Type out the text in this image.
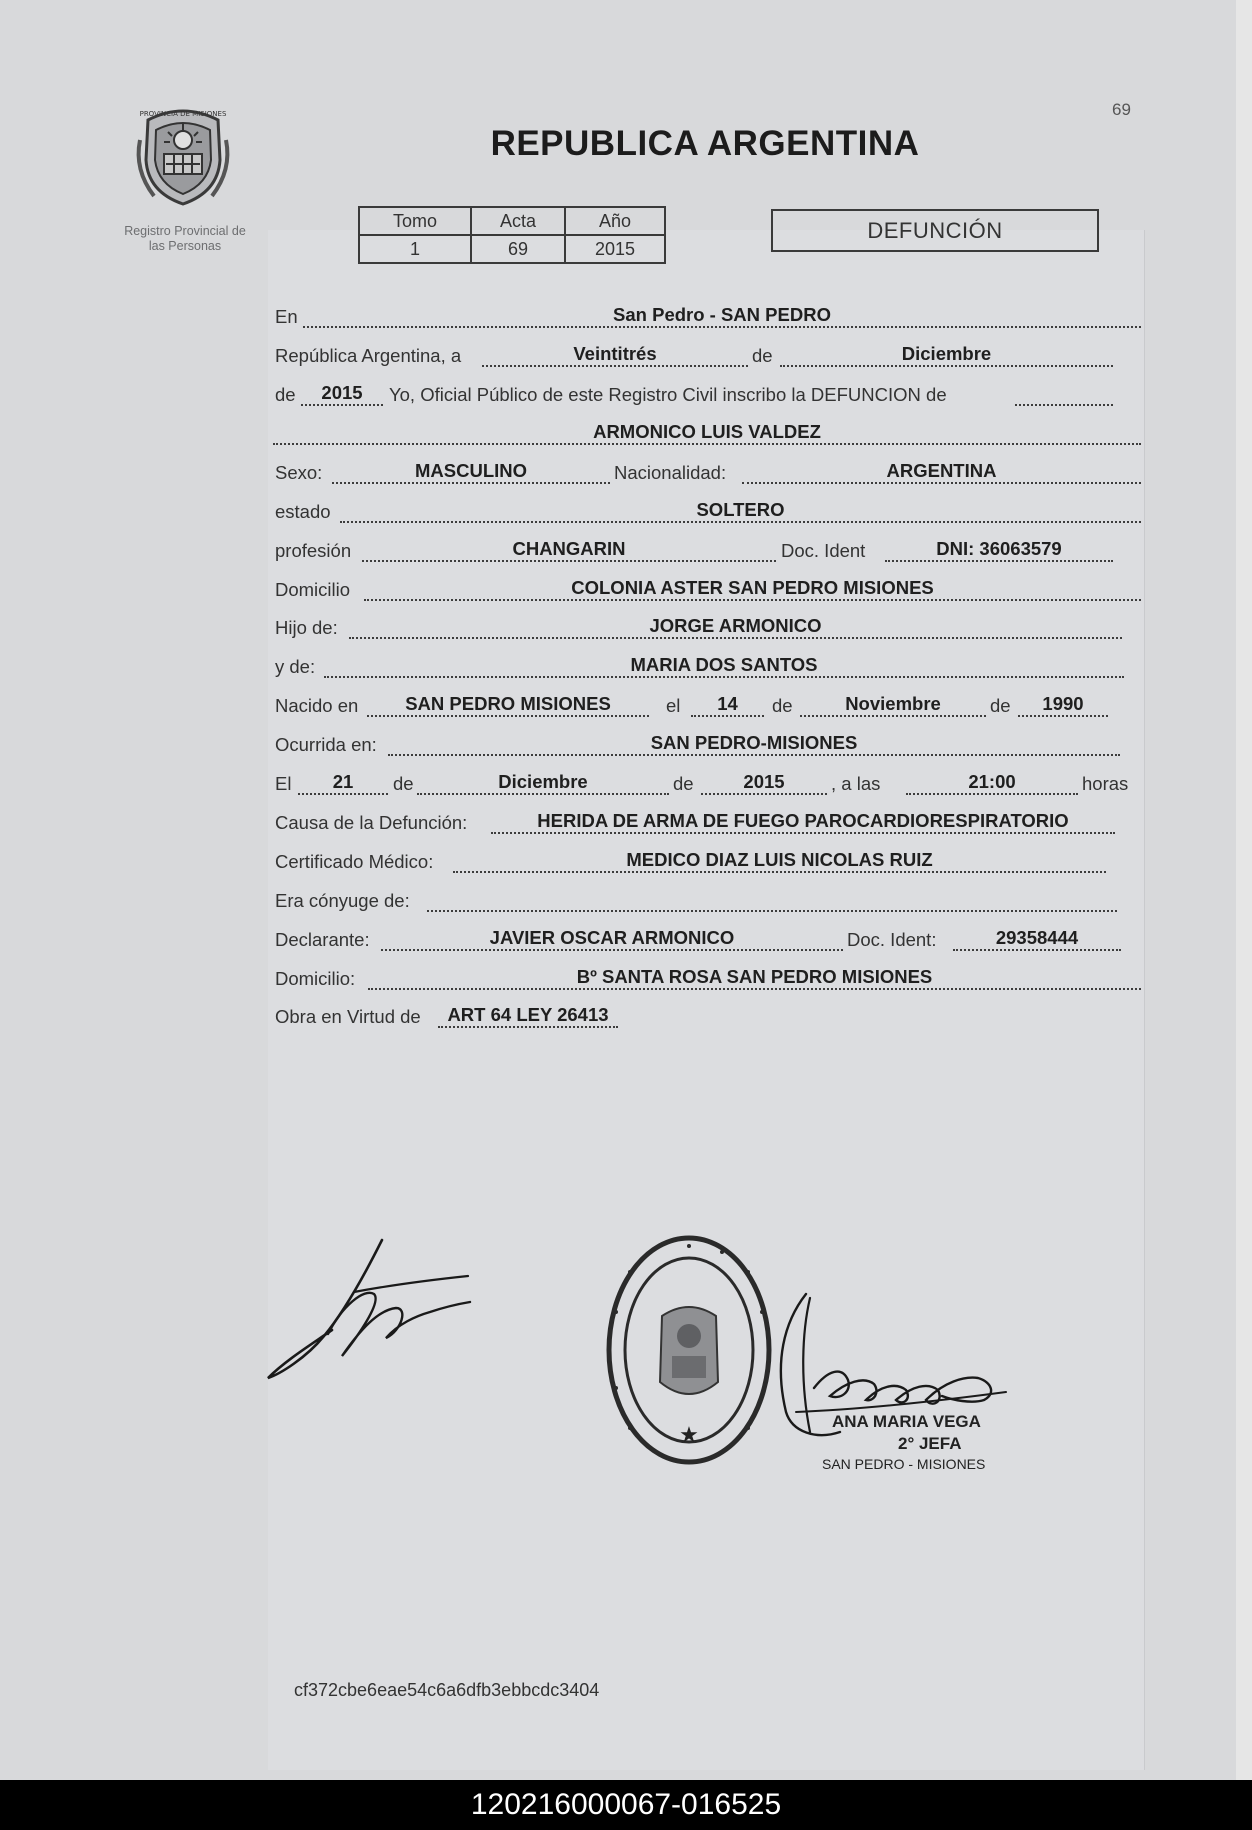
PROVINCIA DE MISIONES
Registro Provincial de
las Personas
69
REPUBLICA ARGENTINA
Tomo	Acta	Año
1	69	2015
DEFUNCIÓN
En	San Pedro - SAN PEDRO
República Argentina, a	Veintitrés	de	Diciembre
de	2015	Yo, Oficial Público de este Registro Civil inscribo la DEFUNCION de
ARMONICO LUIS VALDEZ
Sexo:	MASCULINO	Nacionalidad:	ARGENTINA
estado	SOLTERO
profesión	CHANGARIN	Doc. Ident	DNI: 36063579
Domicilio	COLONIA ASTER SAN PEDRO MISIONES
Hijo de:	JORGE ARMONICO
y de:	MARIA DOS SANTOS
Nacido en	SAN PEDRO MISIONES	el	14	de	Noviembre	de	1990
Ocurrida en:	SAN PEDRO-MISIONES
El	21	de	Diciembre	de	2015	, a las	21:00	horas
Causa de la Defunción:	HERIDA DE ARMA DE FUEGO PAROCARDIORESPIRATORIO
Certificado Médico:	MEDICO DIAZ LUIS NICOLAS RUIZ
Era cónyuge de:
Declarante:	JAVIER OSCAR ARMONICO	Doc. Ident:	29358444
Domicilio:	Bº SANTA ROSA SAN PEDRO MISIONES
Obra en Virtud de	ART 64 LEY 26413
★
ANA MARIA VEGA
2° JEFA
SAN PEDRO - MISIONES
cf372cbe6eae54c6a6dfb3ebbcdc3404
120216000067-016525
